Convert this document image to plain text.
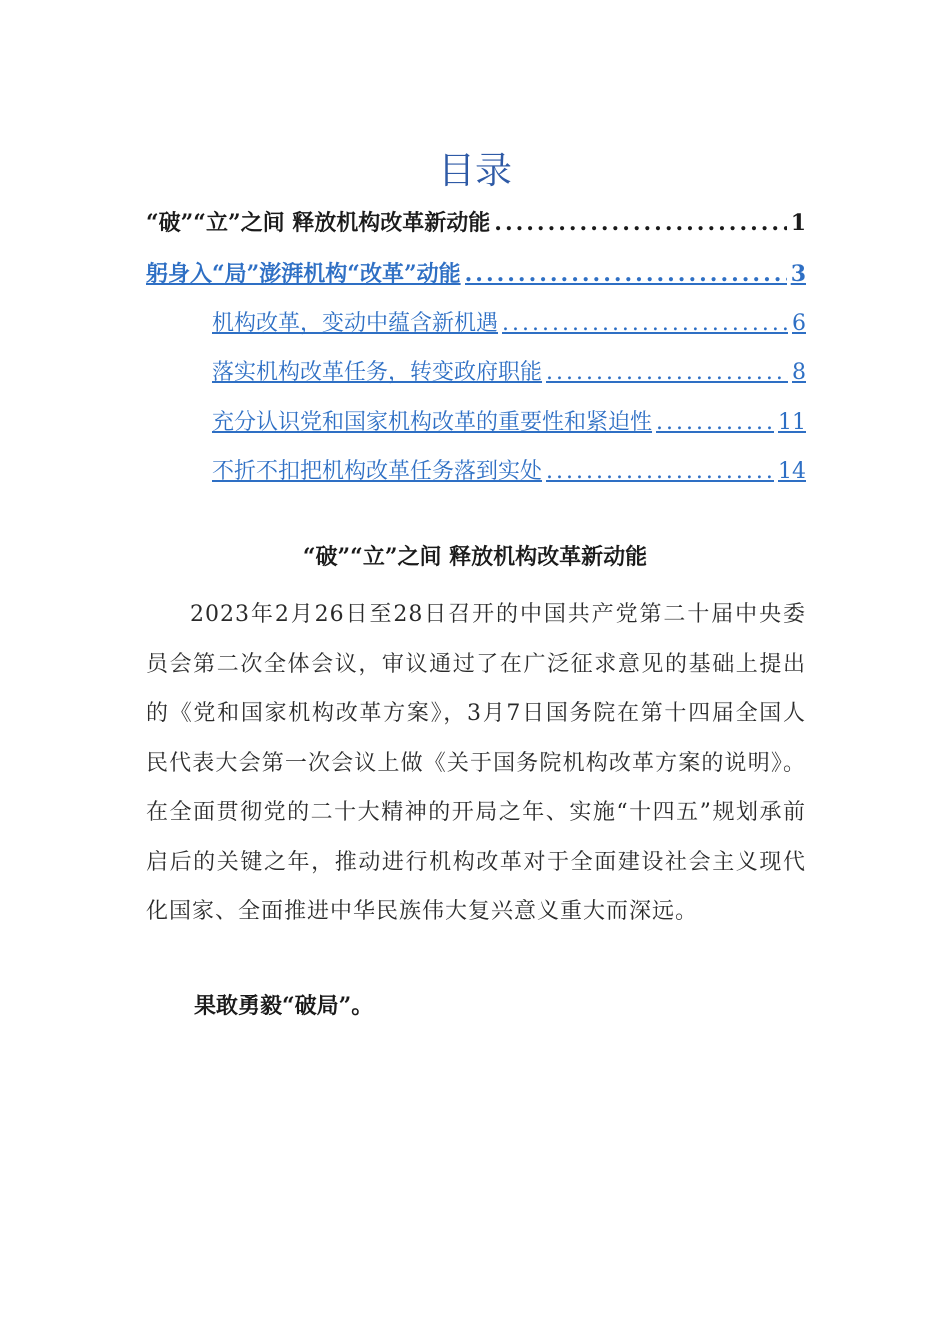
目录
“破”“立”之间 释放机构改革新动能 .....	1
躬身入“局”澎湃机构“改革”动能 .....	3
机构改革，变动中蕴含新机遇 .....	6
落实机构改革任务，转变政府职能 .....	8
充分认识党和国家机构改革的重要性和紧迫性 .....	11
不折不扣把机构改革任务落到实处 .....	14
“破”“立”之间 释放机构改革新动能

2023年2月26日至28日召开的中国共产党第二十届中央委员会第二次全体会议，审议通过了在广泛征求意见的基础上提出的《党和国家机构改革方案》，3月7日国务院在第十四届全国人民代表大会第一次会议上做《关于国务院机构改革方案的说明》。在全面贯彻党的二十大精神的开局之年、实施“十四五”规划承前启后的关键之年，推动进行机构改革对于全面建设社会主义现代化国家、全面推进中华民族伟大复兴意义重大而深远。

果敢勇毅“破局”。
